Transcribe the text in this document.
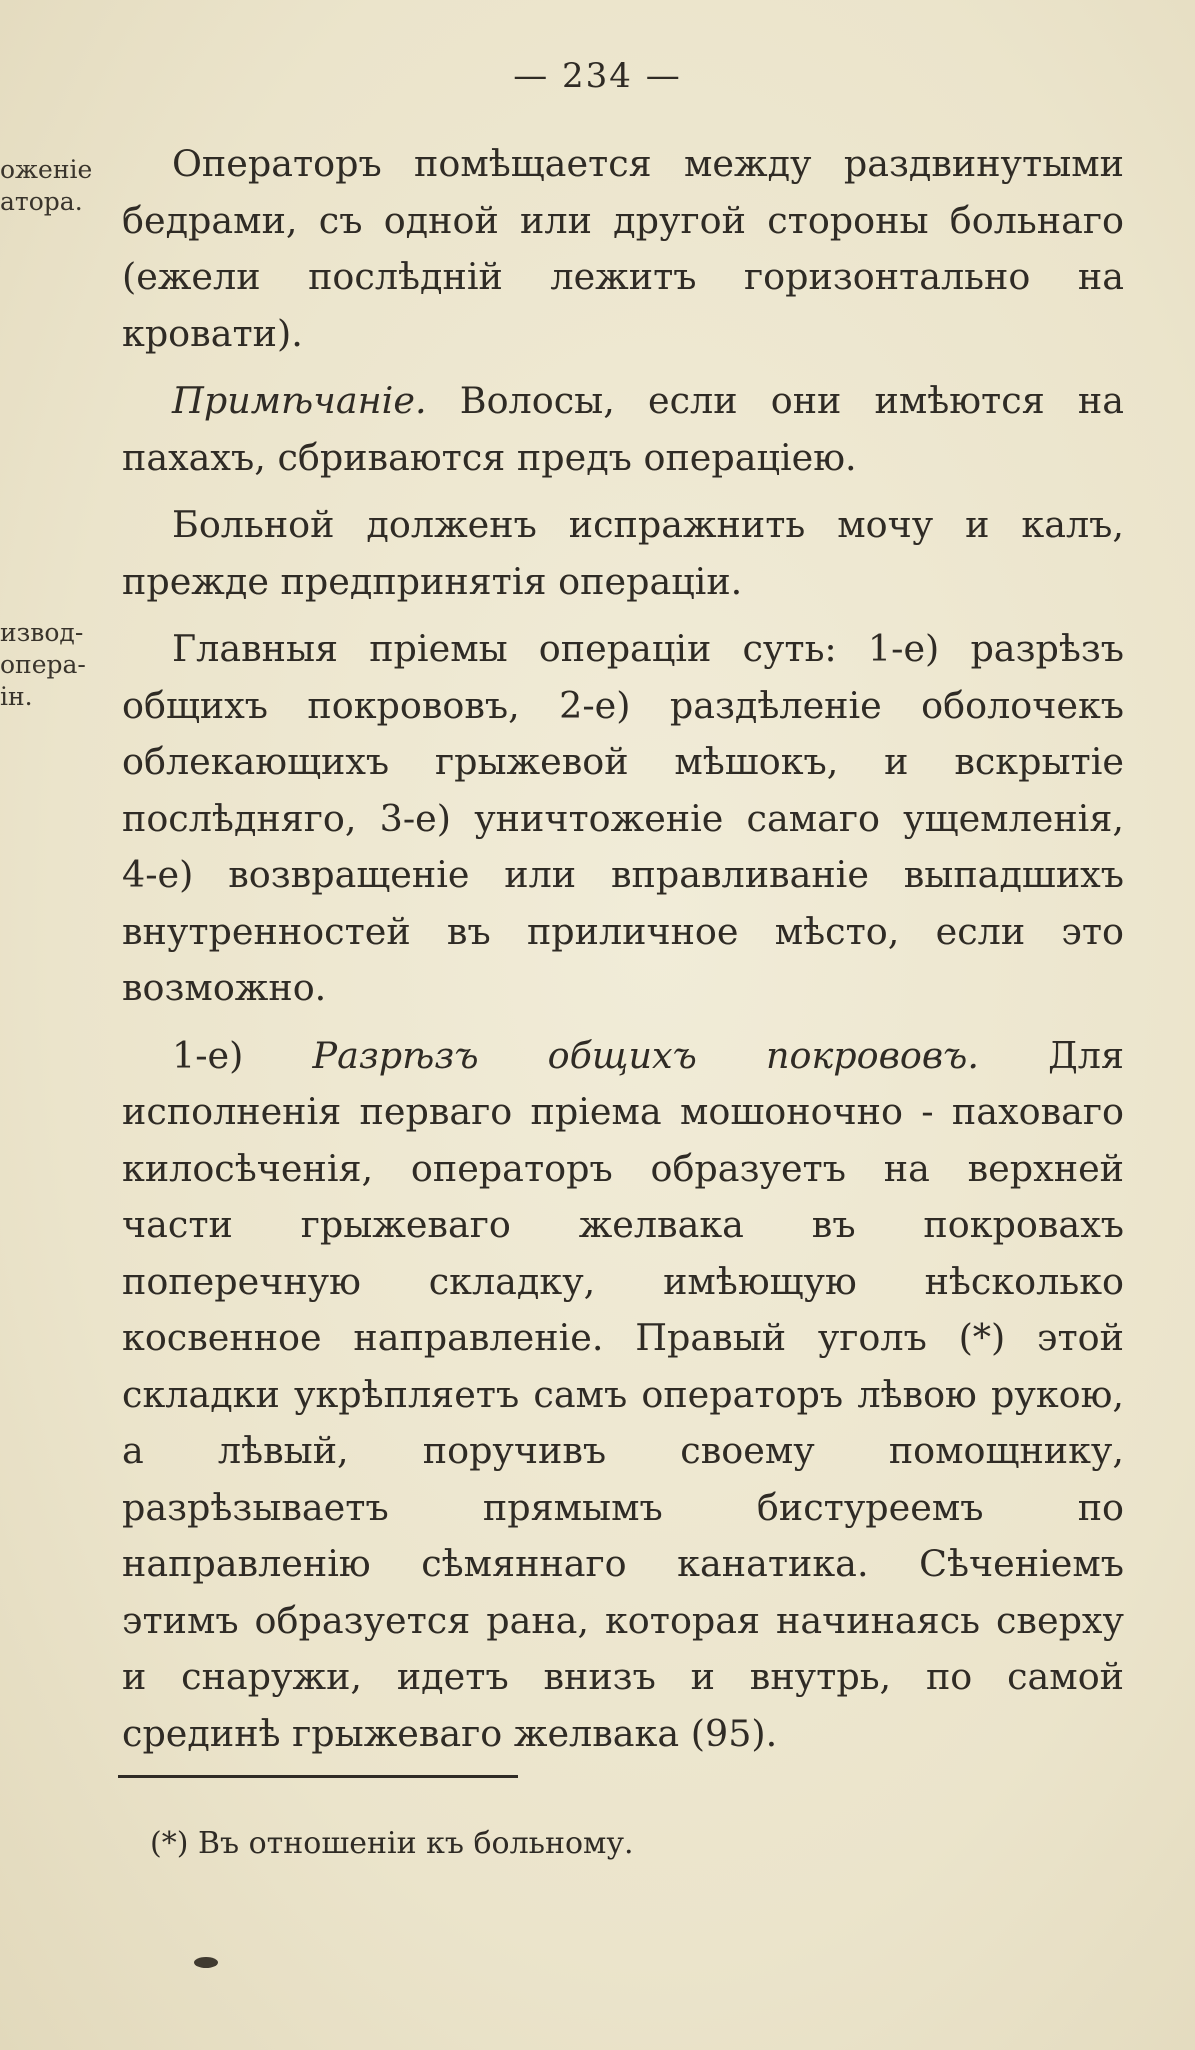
— 234 —

оженіе
атора.
извод-
опера-
ін.

Операторъ помѣщается между раздвинутыми бедрами, съ одной или другой стороны больнаго (ежели послѣдній лежитъ горизонтально на кровати).

Примѣчаніе. Волосы, если они имѣются на пахахъ, сбриваются предъ операціею.

Больной долженъ испражнить мочу и калъ, прежде предпринятія операціи.

Главныя пріемы операціи суть: 1-е) разрѣзъ общихъ покрововъ, 2-е) раздѣленіе оболочекъ облекающихъ грыжевой мѣшокъ, и вскрытіе послѣдняго, 3-е) уничтоженіе самаго ущемленія, 4-е) возвращеніе или вправливаніе выпадшихъ внутренностей въ приличное мѣсто, если это возможно.

1-е) Разрѣзъ общихъ покрововъ. Для исполненія перваго пріема мошоночно - паховаго килосѣченія, операторъ образуетъ на верхней части грыжеваго желвака въ покровахъ поперечную складку, имѣющую нѣсколько косвенное направленіе. Правый уголъ (*) этой складки укрѣпляетъ самъ операторъ лѣвою рукою, а лѣвый, поручивъ своему помощнику, разрѣзываетъ прямымъ бистуреемъ по направленію сѣмяннаго канатика. Сѣченіемъ этимъ образуется рана, которая начинаясь сверху и снаружи, идетъ внизъ и внутрь, по самой срединѣ грыжеваго желвака (95).

(*) Въ отношеніи къ больному.
